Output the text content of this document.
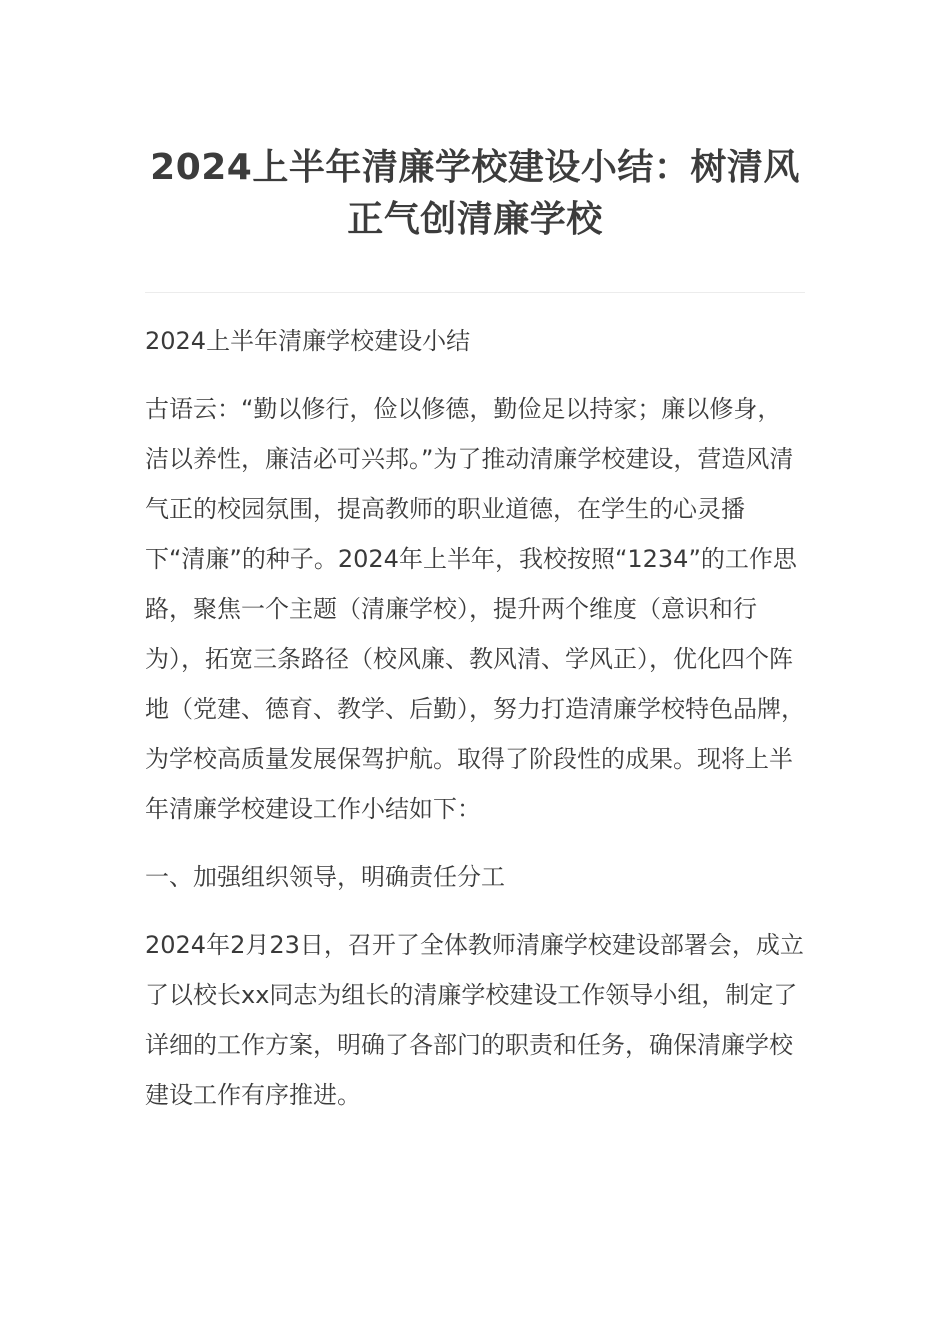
2024上半年清廉学校建设小结：树清风正气创清廉学校

2024上半年清廉学校建设小结

古语云：“勤以修行，俭以修德，勤俭足以持家；廉以修身，洁以养性，廉洁必可兴邦。”为了推动清廉学校建设，营造风清气正的校园氛围，提高教师的职业道德，在学生的心灵播下“清廉”的种子。2024年上半年，我校按照“1234”的工作思路，聚焦一个主题（清廉学校），提升两个维度（意识和行为），拓宽三条路径（校风廉、教风清、学风正），优化四个阵地（党建、德育、教学、后勤），努力打造清廉学校特色品牌，为学校高质量发展保驾护航。取得了阶段性的成果。现将上半年清廉学校建设工作小结如下：

一、加强组织领导，明确责任分工

2024年2月23日，召开了全体教师清廉学校建设部署会，成立了以校长xx同志为组长的清廉学校建设工作领导小组，制定了详细的工作方案，明确了各部门的职责和任务，确保清廉学校建设工作有序推进。
